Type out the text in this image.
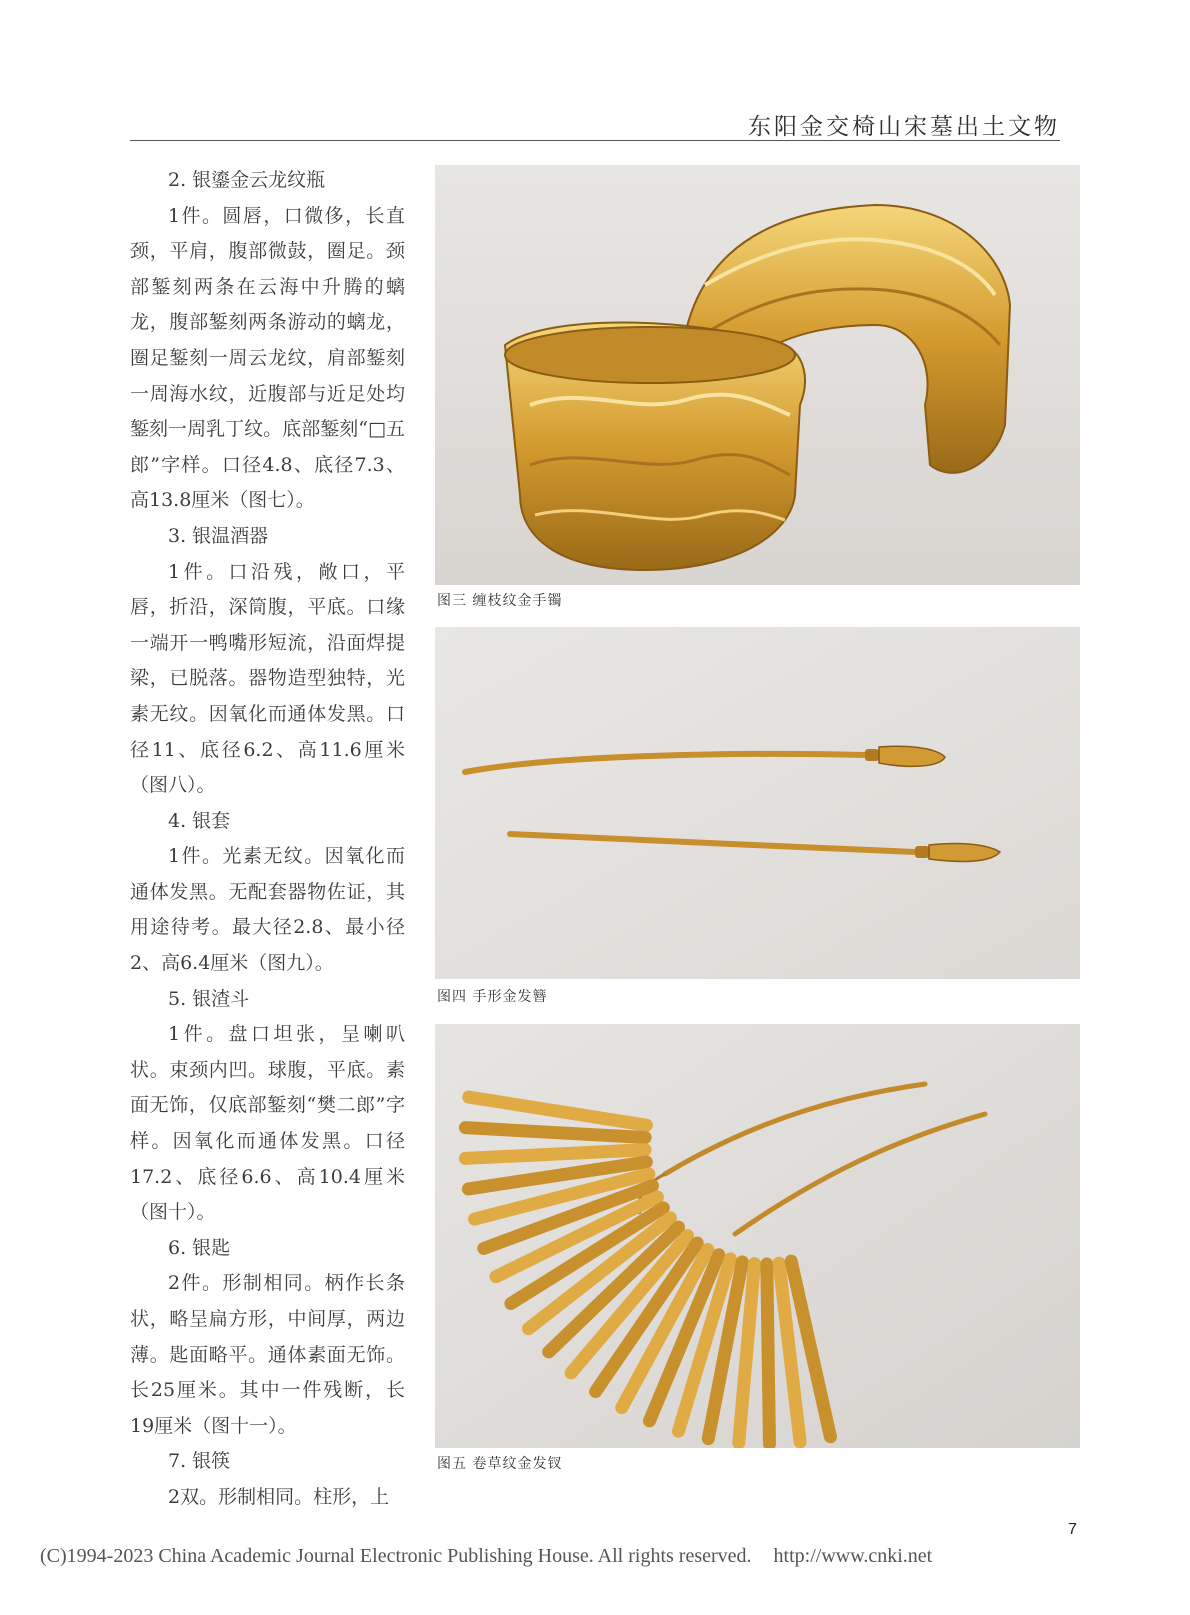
东阳金交椅山宋墓出土文物

2. 银鎏金云龙纹瓶

1件。圆唇，口微侈，长直颈，平肩，腹部微鼓，圈足。颈部錾刻两条在云海中升腾的螭龙，腹部錾刻两条游动的螭龙，圈足錾刻一周云龙纹，肩部錾刻一周海水纹，近腹部与近足处均錾刻一周乳丁纹。底部錾刻“□五郎”字样。口径4.8、底径7.3、高13.8厘米（图七）。

3. 银温酒器

1件。口沿残，敞口，平唇，折沿，深筒腹，平底。口缘一端开一鸭嘴形短流，沿面焊提梁，已脱落。器物造型独特，光素无纹。因氧化而通体发黑。口径11、底径6.2、高11.6厘米（图八）。

4. 银套

1件。光素无纹。因氧化而通体发黑。无配套器物佐证，其用途待考。最大径2.8、最小径2、高6.4厘米（图九）。

5. 银渣斗

1件。盘口坦张，呈喇叭状。束颈内凹。球腹，平底。素面无饰，仅底部錾刻“樊二郎”字样。因氧化而通体发黑。口径17.2、底径6.6、高10.4厘米（图十）。

6. 银匙

2件。形制相同。柄作长条状，略呈扁方形，中间厚，两边薄。匙面略平。通体素面无饰。长25厘米。其中一件残断，长19厘米（图十一）。

7. 银筷

2双。形制相同。柱形，上

图三 缠枝纹金手镯
图四 手形金发簪
图五 卷草纹金发钗
7
(C)1994-2023 China Academic Journal Electronic Publishing House. All rights reserved. http://www.cnki.net
